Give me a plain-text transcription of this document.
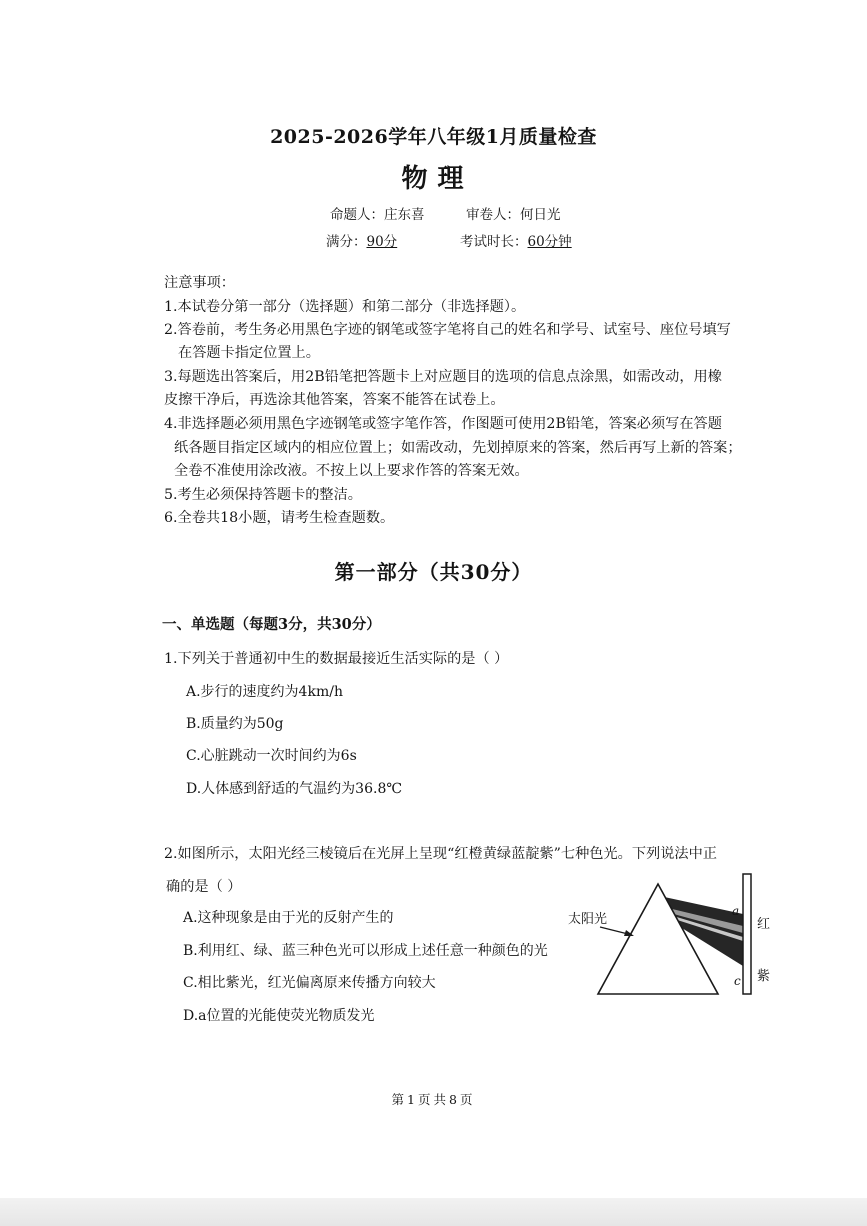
2025-2026学年八年级1月质量检查
物理
命题人：庄东喜	审卷人：何日光
满分：90分	考试时长：60分钟
注意事项：
1.本试卷分第一部分（选择题）和第二部分（非选择题）。
2.答卷前，考生务必用黑色字迹的钢笔或签字笔将自己的姓名和学号、试室号、座位号填写
在答题卡指定位置上。
3.每题选出答案后，用2B铅笔把答题卡上对应题目的选项的信息点涂黑，如需改动，用橡
皮擦干净后，再选涂其他答案，答案不能答在试卷上。
4.非选择题必须用黑色字迹钢笔或签字笔作答，作图题可使用2B铅笔，答案必须写在答题
纸各题目指定区域内的相应位置上；如需改动，先划掉原来的答案，然后再写上新的答案；
全卷不准使用涂改液。不按上以上要求作答的答案无效。
5.考生必须保持答题卡的整洁。
6.全卷共18小题，请考生检查题数。
第一部分（共30分）
一、单选题（每题3分，共30分）
1.下列关于普通初中生的数据最接近生活实际的是（ ）
A.步行的速度约为4km/h
B.质量约为50g
C.心脏跳动一次时间约为6s
D.人体感到舒适的气温约为36.8℃
2.如图所示，太阳光经三棱镜后在光屏上呈现“红橙黄绿蓝靛紫”七种色光。下列说法中正
确的是（ ）
A.这种现象是由于光的反射产生的
B.利用红、绿、蓝三种色光可以形成上述任意一种颜色的光
C.相比紫光，红光偏离原来传播方向较大
D.a位置的光能使荧光物质发光
太阳光
a
c
红
紫
第1页共8页
